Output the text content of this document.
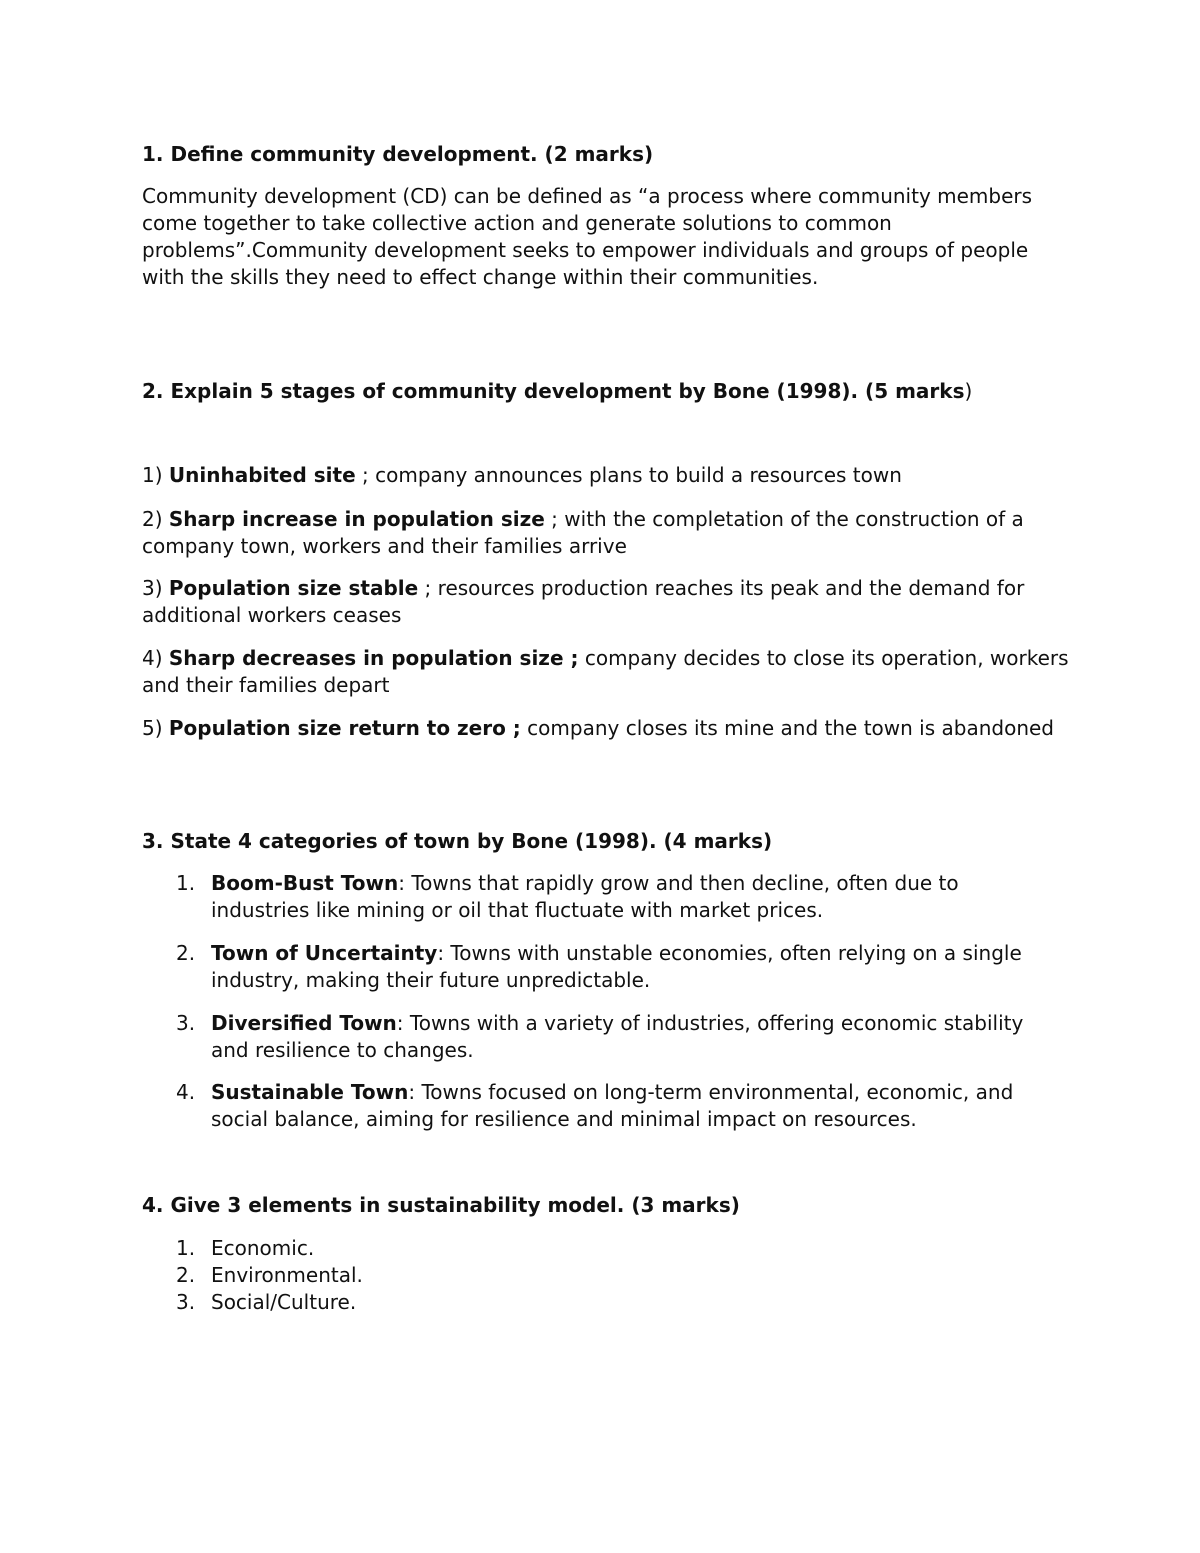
1. Define community development. (2 marks)

Community development (CD) can be defined as “a process where community members come together to take collective action and generate solutions to common problems”.Community development seeks to empower individuals and groups of people with the skills they need to effect change within their communities.

2. Explain 5 stages of community development by Bone (1998). (5 marks)

1) Uninhabited site ; company announces plans to build a resources town
2) Sharp increase in population size ; with the completation of the construction of a company town, workers and their families arrive
3) Population size stable ; resources production reaches its peak and the demand for additional workers ceases
4) Sharp decreases in population size ; company decides to close its operation, workers and their families depart
5) Population size return to zero ; company closes its mine and the town is abandoned

3. State 4 categories of town by Bone (1998). (4 marks)

1. Boom-Bust Town: Towns that rapidly grow and then decline, often due to industries like mining or oil that fluctuate with market prices.
2. Town of Uncertainty: Towns with unstable economies, often relying on a single industry, making their future unpredictable.
3. Diversified Town: Towns with a variety of industries, offering economic stability and resilience to changes.
4. Sustainable Town: Towns focused on long-term environmental, economic, and social balance, aiming for resilience and minimal impact on resources.

4. Give 3 elements in sustainability model. (3 marks)

1. Economic.
2. Environmental.
3. Social/Culture.
